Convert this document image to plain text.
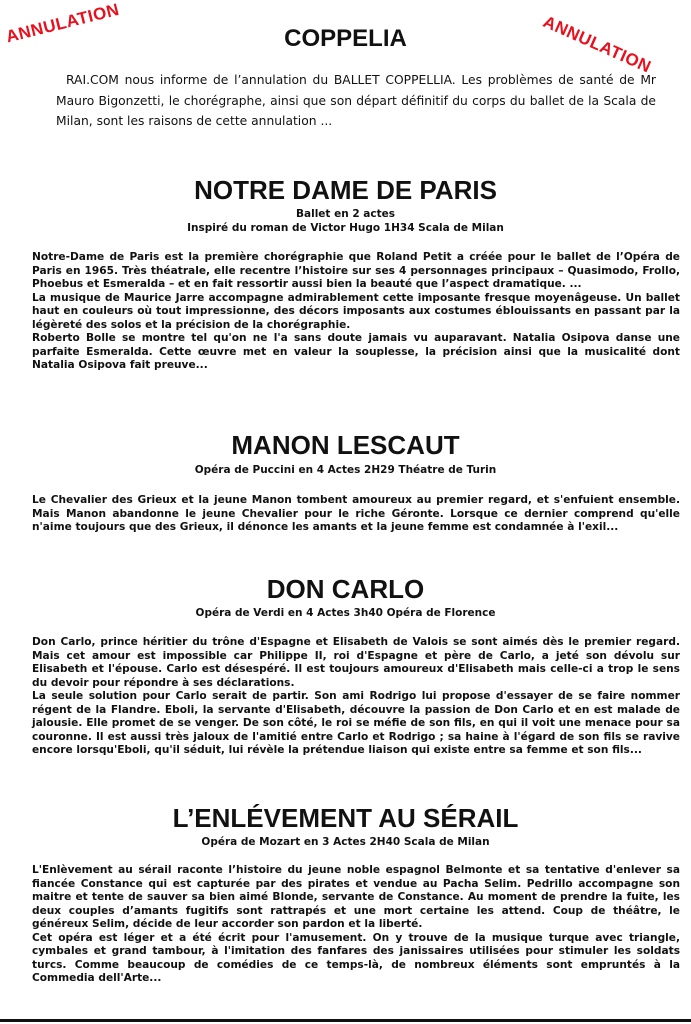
ANNULATION	ANNULATION
COPPELIA

RAI.COM nous informe de l’annulation du BALLET COPPELLIA. Les problèmes de santé de Mr Mauro Bigonzetti, le chorégraphe, ainsi que son départ définitif du corps du ballet de la Scala de Milan, sont les raisons de cette annulation ...

NOTRE DAME DE PARIS
Ballet en 2 actes
Inspiré du roman de Victor Hugo 1H34 Scala de Milan

Notre-Dame de Paris est la première chorégraphie que Roland Petit a créée pour le ballet de l’Opéra de Paris en 1965. Très théatrale, elle recentre l’histoire sur ses 4 personnages principaux – Quasimodo, Frollo, Phoebus et Esmeralda – et en fait ressortir aussi bien la beauté que l’aspect dramatique. ...

La musique de Maurice Jarre accompagne admirablement cette imposante fresque moyenâgeuse. Un ballet haut en couleurs où tout impressionne, des décors imposants aux costumes éblouissants en passant par la légèreté des solos et la précision de la chorégraphie.

Roberto Bolle se montre tel qu'on ne l'a sans doute jamais vu auparavant. Natalia Osipova danse une parfaite Esmeralda. Cette œuvre met en valeur la souplesse, la précision ainsi que la musicalité dont Natalia Osipova fait preuve...

MANON LESCAUT
Opéra de Puccini en 4 Actes 2H29 Théatre de Turin

Le Chevalier des Grieux et la jeune Manon tombent amoureux au premier regard, et s'enfuient ensemble. Mais Manon abandonne le jeune Chevalier pour le riche Géronte. Lorsque ce dernier comprend qu'elle n'aime toujours que des Grieux, il dénonce les amants et la jeune femme est condamnée à l'exil...

DON CARLO
Opéra de Verdi en 4 Actes 3h40 Opéra de Florence

Don Carlo, prince héritier du trône d'Espagne et Elisabeth de Valois se sont aimés dès le premier regard. Mais cet amour est impossible car Philippe II, roi d'Espagne et père de Carlo, a jeté son dévolu sur Elisabeth et l'épouse. Carlo est désespéré. Il est toujours amoureux d'Elisabeth mais celle-ci a trop le sens du devoir pour répondre à ses déclarations.

La seule solution pour Carlo serait de partir. Son ami Rodrigo lui propose d'essayer de se faire nommer régent de la Flandre. Eboli, la servante d'Elisabeth, découvre la passion de Don Carlo et en est malade de jalousie. Elle promet de se venger. De son côté, le roi se méfie de son fils, en qui il voit une menace pour sa couronne. Il est aussi très jaloux de l'amitié entre Carlo et Rodrigo ; sa haine à l'égard de son fils se ravive encore lorsqu'Eboli, qu'il séduit, lui révèle la prétendue liaison qui existe entre sa femme et son fils...

L’ENLÉVEMENT AU SÉRAIL
Opéra de Mozart en 3 Actes 2H40 Scala de Milan

L'Enlèvement au sérail raconte l’histoire du jeune noble espagnol Belmonte et sa tentative d'enlever sa fiancée Constance qui est capturée par des pirates et vendue au Pacha Selim. Pedrillo accompagne son maitre et tente de sauver sa bien aimé Blonde, servante de Constance. Au moment de prendre la fuite, les deux couples d’amants fugitifs sont rattrapés et une mort certaine les attend. Coup de théâtre, le généreux Selim, décide de leur accorder son pardon et la liberté.

Cet opéra est léger et a été écrit pour l'amusement. On y trouve de la musique turque avec triangle, cymbales et grand tambour, à l'imitation des fanfares des janissaires utilisées pour stimuler les soldats turcs. Comme beaucoup de comédies de ce temps-là, de nombreux éléments sont empruntés à la Commedia dell'Arte...
